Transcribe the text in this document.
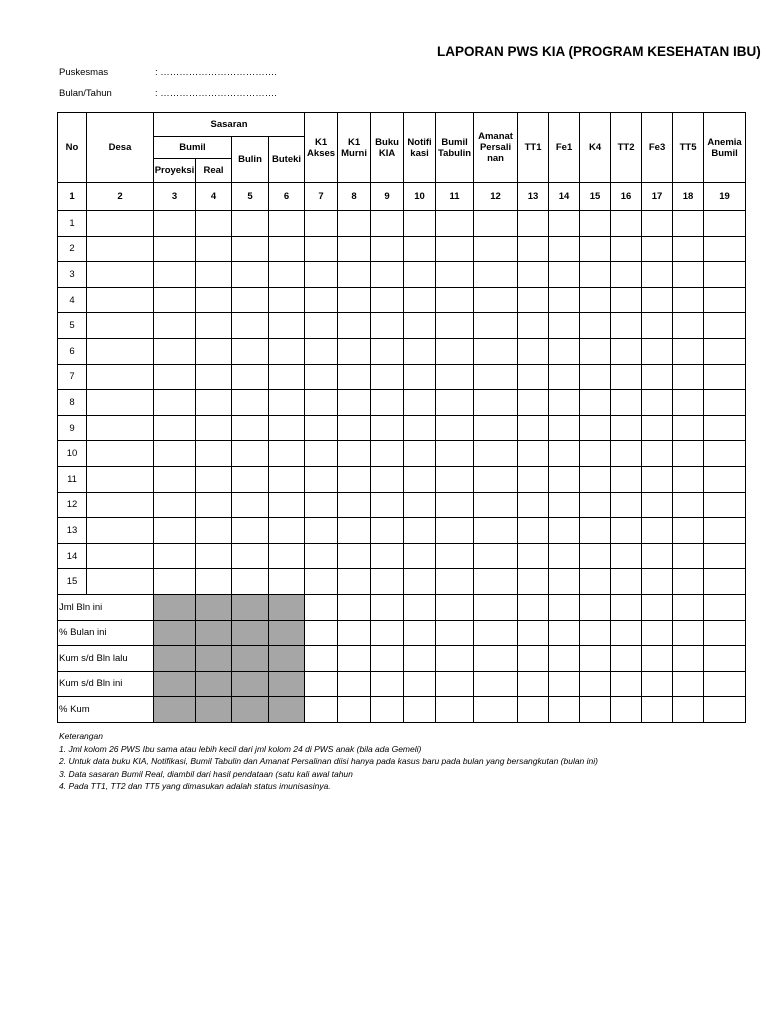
LAPORAN PWS KIA (PROGRAM KESEHATAN IBU)
Puskesmas	: ……………………………….
Bulan/Tahun	: ……………………………….
No	Desa	Sasaran				K1 Akses	K1 Murni	Buku KIA	Notifi kasi	Bumil Tabulin	Amanat Persali nan	TT1	Fe1	K4	TT2	Fe3	TT5	Anemia Bumil
		Bumil		Bulin	Buteki													
		Proyeksi	Real															
1	2	3	4	5	6	7	8	9	10	11	12	13	14	15	16	17	18	19
1																		
2																		
3																		
4																		
5																		
6																		
7																		
8																		
9																		
10																		
11																		
12																		
13																		
14																		
15																		
Jml Bln ini																		
% Bulan ini																		
Kum s/d Bln lalu																		
Kum s/d Bln ini																		
% Kum																		
Keterangan
1. Jml kolom 26 PWS Ibu sama atau lebih kecil dari jml kolom 24 di PWS anak (bila ada Gemeli)
2. Untuk data buku KIA, Notifikasi, Bumil Tabulin dan Amanat Persalinan diisi hanya pada kasus baru pada bulan yang bersangkutan (bulan ini)
3. Data sasaran Bumil Real, diambil dari hasil pendataan (satu kali awal tahun
4. Pada TT1, TT2 dan TT5 yang dimasukan adalah status imunisasinya.
